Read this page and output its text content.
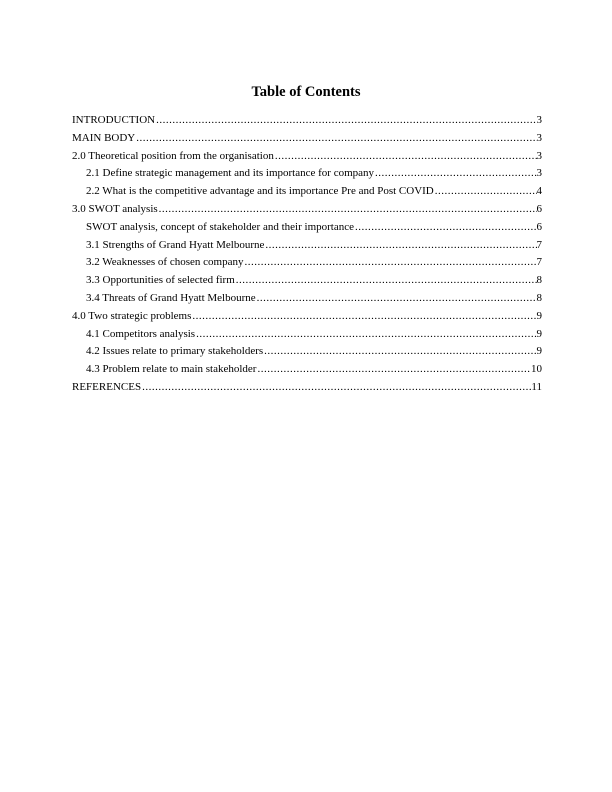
Table of Contents
INTRODUCTION .....	3
MAIN BODY .....	3
2.0 Theoretical position from the organisation .....	3
2.1 Define strategic management and its importance for company .....	3
2.2 What is the competitive advantage and its importance Pre and Post COVID .....	4
3.0 SWOT analysis .....	6
SWOT analysis, concept of stakeholder and their importance .....	6
3.1 Strengths of Grand Hyatt Melbourne .....	7
3.2 Weaknesses of chosen company .....	7
3.3 Opportunities of selected firm .....	8
3.4 Threats of Grand Hyatt Melbourne .....	8
4.0 Two strategic problems .....	9
4.1 Competitors analysis .....	9
4.2 Issues relate to primary stakeholders .....	9
4.3 Problem relate to main stakeholder .....	10
REFERENCES .....	11
